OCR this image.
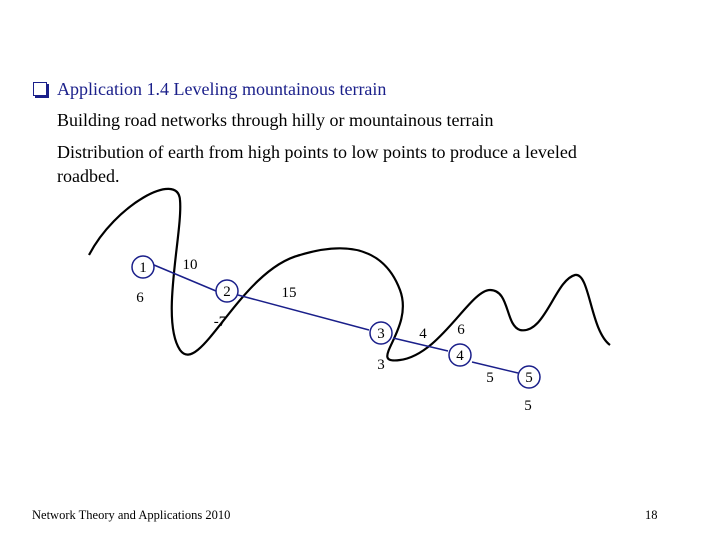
Application 1.4 Leveling mountainous terrain
Building road networks through hilly or mountainous terrain
Distribution of earth from high points to low points to produce a leveled
roadbed.
1
2
3
4
5
6
-7
3
6
5
10
15
4
5
Network Theory and Applications 2010	18
